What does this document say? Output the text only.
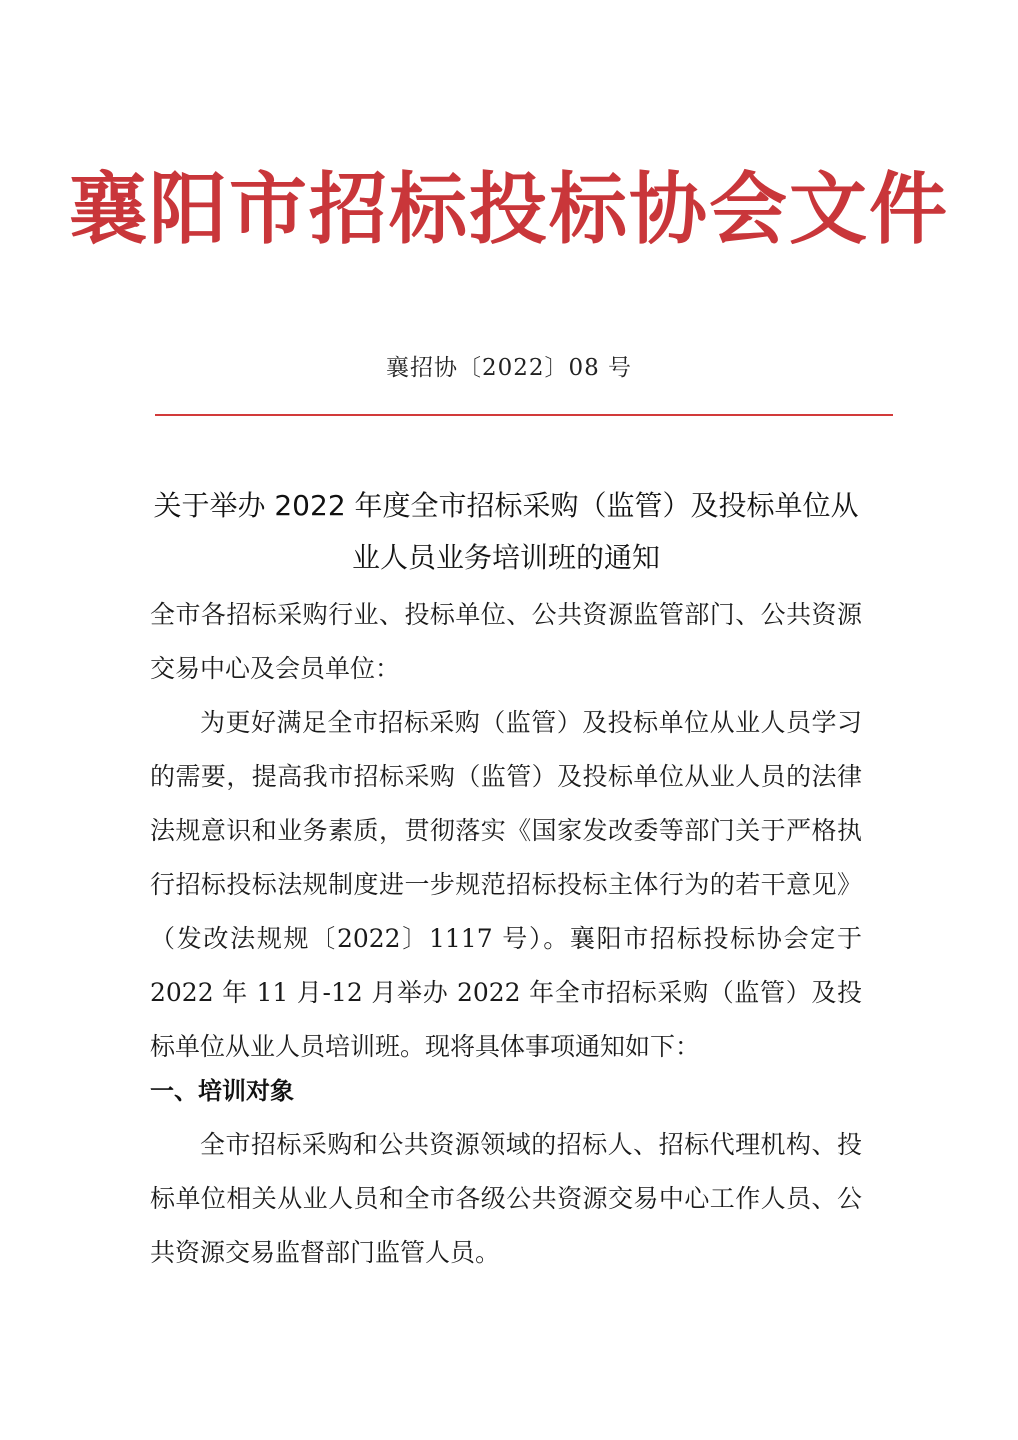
襄阳市招标投标协会文件
襄招协〔2022〕08 号
关于举办 2022 年度全市招标采购（监管）及投标单位从业人员业务培训班的通知
全市各招标采购行业、投标单位、公共资源监管部门、公共资源交易中心及会员单位：
为更好满足全市招标采购（监管）及投标单位从业人员学习的需要，提高我市招标采购（监管）及投标单位从业人员的法律法规意识和业务素质，贯彻落实《国家发改委等部门关于严格执行招标投标法规制度进一步规范招标投标主体行为的若干意见》（发改法规规〔2022〕1117 号）。襄阳市招标投标协会定于 2022 年 11 月-12 月举办 2022 年全市招标采购（监管）及投标单位从业人员培训班。现将具体事项通知如下：
一、培训对象
全市招标采购和公共资源领域的招标人、招标代理机构、投标单位相关从业人员和全市各级公共资源交易中心工作人员、公共资源交易监督部门监管人员。
